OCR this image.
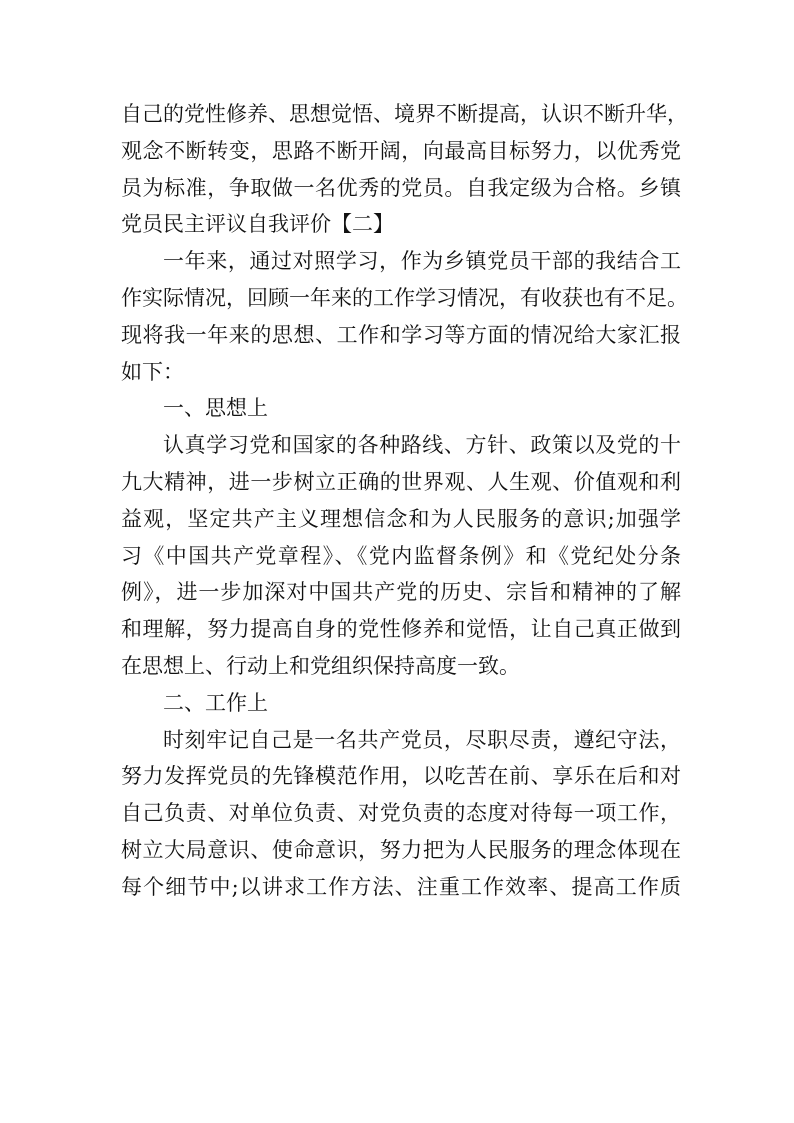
自己的党性修养、思想觉悟、境界不断提高，认识不断升华，
观念不断转变，思路不断开阔，向最高目标努力，以优秀党
员为标准，争取做一名优秀的党员。自我定级为合格。乡镇
党员民主评议自我评价【二】
一年来，通过对照学习，作为乡镇党员干部的我结合工
作实际情况，回顾一年来的工作学习情况，有收获也有不足。
现将我一年来的思想、工作和学习等方面的情况给大家汇报
如下：
一、思想上
认真学习党和国家的各种路线、方针、政策以及党的十
九大精神，进一步树立正确的世界观、人生观、价值观和利
益观，坚定共产主义理想信念和为人民服务的意识;加强学
习《中国共产党章程》、《党内监督条例》和《党纪处分条
例》，进一步加深对中国共产党的历史、宗旨和精神的了解
和理解，努力提高自身的党性修养和觉悟，让自己真正做到
在思想上、行动上和党组织保持高度一致。
二、工作上
时刻牢记自己是一名共产党员，尽职尽责，遵纪守法，
努力发挥党员的先锋模范作用，以吃苦在前、享乐在后和对
自己负责、对单位负责、对党负责的态度对待每一项工作，
树立大局意识、使命意识，努力把为人民服务的理念体现在
每个细节中;以讲求工作方法、注重工作效率、提高工作质
